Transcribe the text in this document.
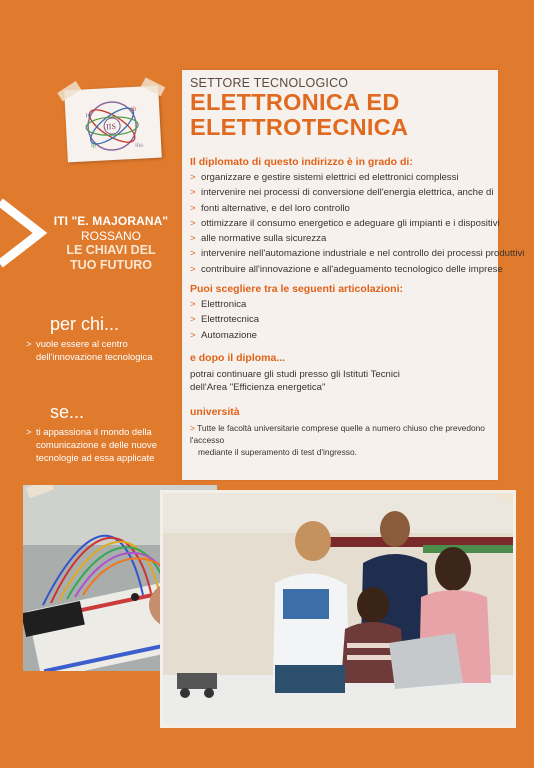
IIS
Itt
lfi
ilia
Ip
ITI "E. MAJORANA"
ROSSANO
LE CHIAVI DEL
TUO FUTURO
per chi...
> vuole essere al centro
dell'innovazione tecnologica
se...
> ti appassiona il mondo della
comunicazione e delle nuove
tecnologie ad essa applicate
SETTORE TECNOLOGICO
ELETTRONICA ED
ELETTROTECNICA
Il diplomato di questo indirizzo è in grado di:
> organizzare e gestire sistemi elettrici ed elettronici complessi
> intervenire nei processi di conversione dell'energia elettrica, anche di
> fonti alternative, e del loro controllo
> ottimizzare il consumo energetico e adeguare gli impianti e i dispositivi
> alle normative sulla sicurezza
> intervenire nell'automazione industriale e nel controllo dei processi produttivi
> contribuire all'innovazione e all'adeguamento tecnologico delle imprese
Puoi scegliere tra le seguenti articolazioni:
> Elettronica
> Elettrotecnica
> Automazione
e dopo il diploma...
potrai continuare gli studi presso gli Istituti Tecnici
dell'Area "Efficienza energetica"
università
> Tutte le facoltà universitarie comprese quelle a numero chiuso che prevedono l'accesso
mediante il superamento di test d'ingresso.
